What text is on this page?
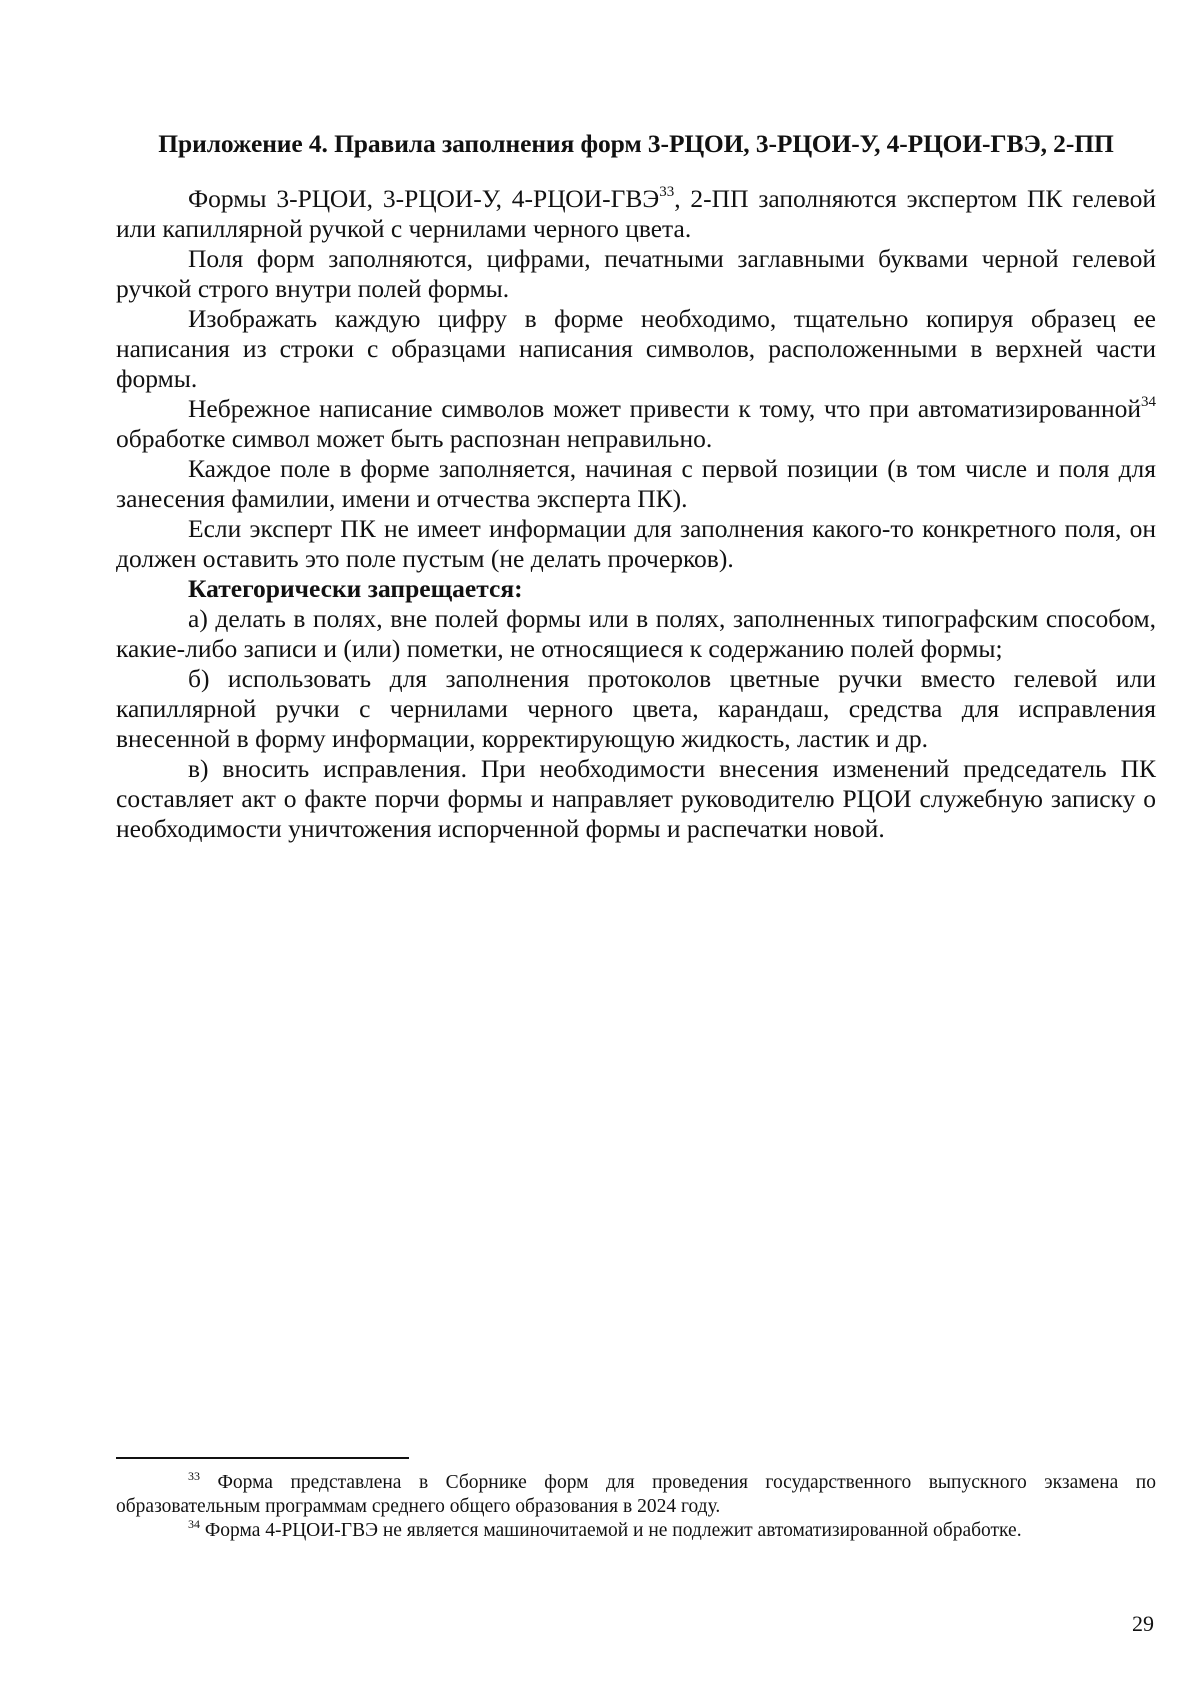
Приложение 4. Правила заполнения форм 3-РЦОИ, 3-РЦОИ-У, 4-РЦОИ-ГВЭ, 2-ПП

Формы 3-РЦОИ, 3-РЦОИ-У, 4-РЦОИ-ГВЭ$^{33}$, 2-ПП заполняются экспертом ПК гелевой или капиллярной ручкой с чернилами черного цвета.

Поля форм заполняются, цифрами, печатными заглавными буквами черной гелевой ручкой строго внутри полей формы.

Изображать каждую цифру в форме необходимо, тщательно копируя образец ее написания из строки с образцами написания символов, расположенными в верхней части формы.

Небрежное написание символов может привести к тому, что при автоматизированной$^{34}$ обработке символ может быть распознан неправильно.

Каждое поле в форме заполняется, начиная с первой позиции (в том числе и поля для занесения фамилии, имени и отчества эксперта ПК).

Если эксперт ПК не имеет информации для заполнения какого-то конкретного поля, он должен оставить это поле пустым (не делать прочерков).

Категорически запрещается:

а) делать в полях, вне полей формы или в полях, заполненных типографским способом, какие-либо записи и (или) пометки, не относящиеся к содержанию полей формы;

б) использовать для заполнения протоколов цветные ручки вместо гелевой или капиллярной ручки с чернилами черного цвета, карандаш, средства для исправления внесенной в форму информации, корректирующую жидкость, ластик и др.

в) вносить исправления. При необходимости внесения изменений председатель ПК составляет акт о факте порчи формы и направляет руководителю РЦОИ служебную записку о необходимости уничтожения испорченной формы и распечатки новой.

$^{33}$ Форма представлена в Сборнике форм для проведения государственного выпускного экзамена по образовательным программам среднего общего образования в 2024 году.

$^{34}$ Форма 4-РЦОИ-ГВЭ не является машиночитаемой и не подлежит автоматизированной обработке.

29
